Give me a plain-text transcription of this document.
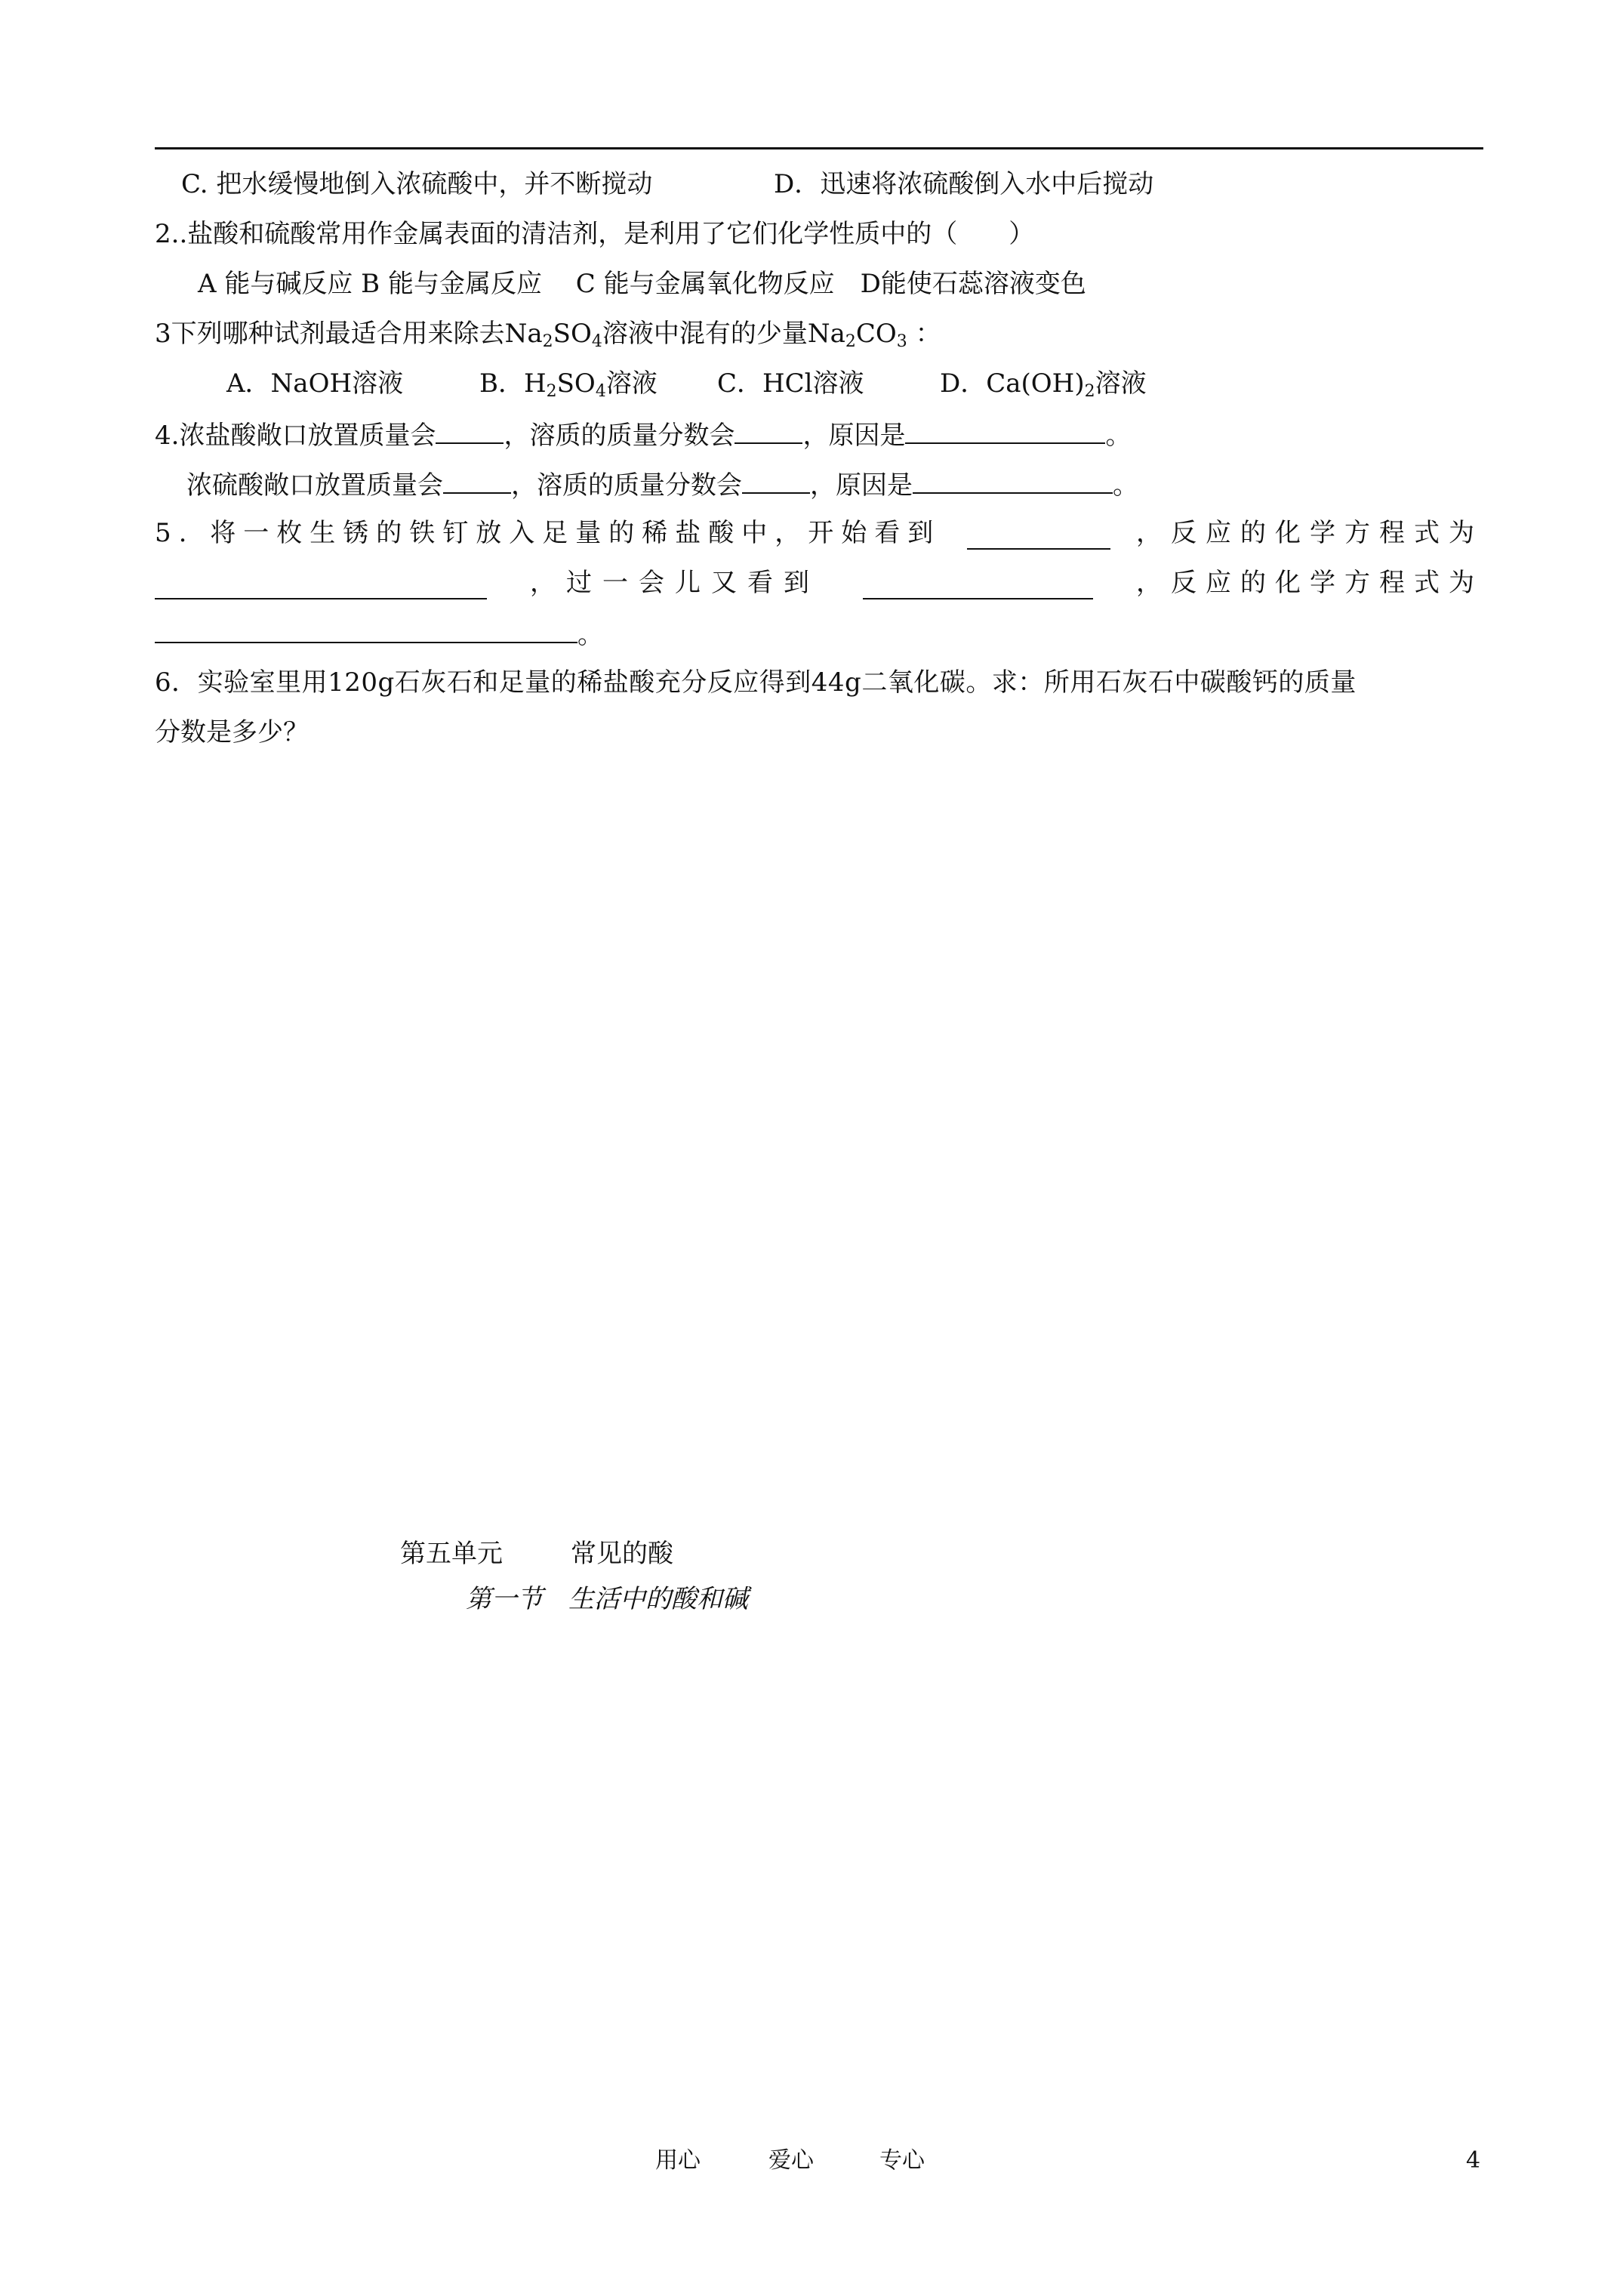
C. 把水缓慢地倒入浓硫酸中，并不断搅动	D．迅速将浓硫酸倒入水中后搅动
2..盐酸和硫酸常用作金属表面的清洁剂，是利用了它们化学性质中的（　　）
A 能与碱反应 B 能与金属反应　 C 能与金属氧化物反应　D能使石蕊溶液变色
3下列哪种试剂最适合用来除去$Na_2SO_4$溶液中混有的少量$Na_2CO_3$ ：
A．NaOH溶液	B．$H_2SO_4$溶液 C．HCl溶液	D．$Ca(OH)_2$溶液
4.浓盐酸敞口放置质量会	，溶质的质量分数会	，原因是	。
浓硫酸敞口放置质量会	，溶质的质量分数会	，原因是	。
5. 将一枚生锈的铁钉放入足量的稀盐酸中，开始看到	，反应的化学方程式为
，过一会儿又看到	，反应的化学方程式为
。
6．实验室里用120g石灰石和足量的稀盐酸充分反应得到44g二氧化碳。求：所用石灰石中碳酸钙的质量
分数是多少？
第五单元	常见的酸
第一节　生活中的酸和碱
用心	爱心	专心	4
